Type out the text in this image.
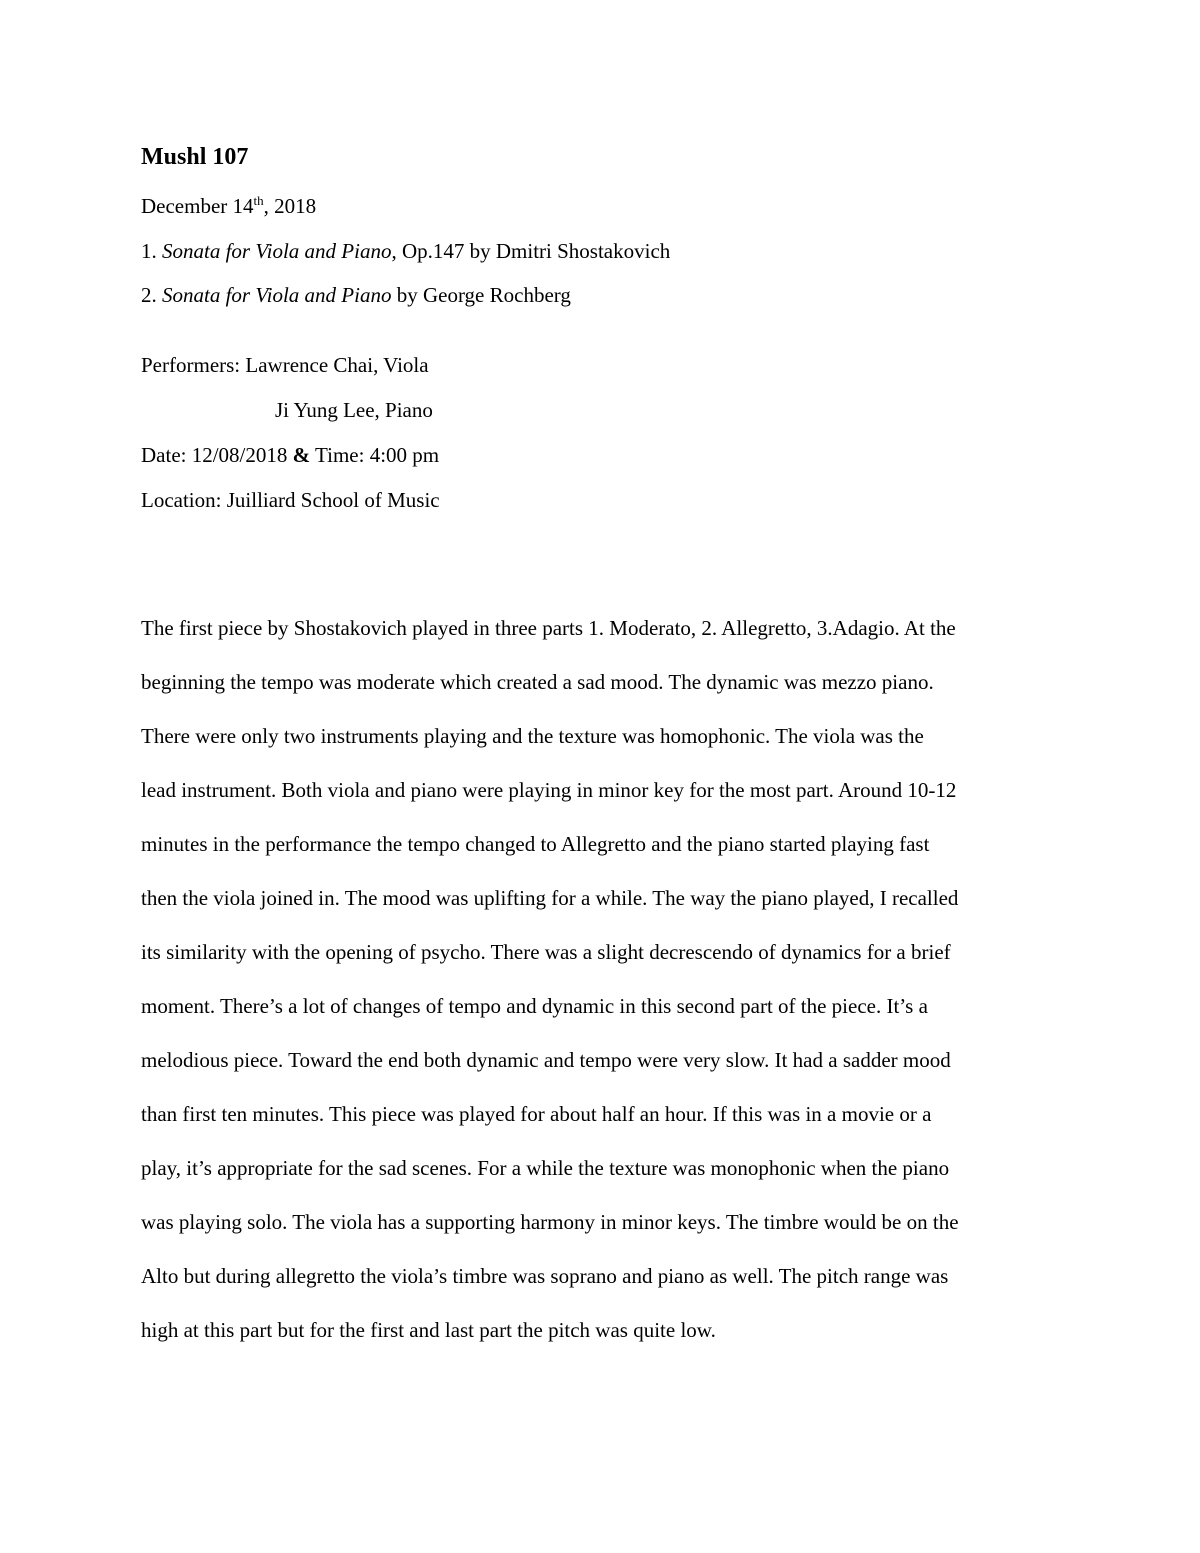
Mushl 107
December 14th, 2018
1. Sonata for Viola and Piano, Op.147 by Dmitri Shostakovich
2. Sonata for Viola and Piano by George Rochberg
Performers: Lawrence Chai, Viola
Ji Yung Lee, Piano
Date: 12/08/2018 & Time: 4:00 pm
Location: Juilliard School of Music
The first piece by Shostakovich played in three parts 1. Moderato, 2. Allegretto, 3.Adagio. At the
beginning the tempo was moderate which created a sad mood. The dynamic was mezzo piano.
There were only two instruments playing and the texture was homophonic. The viola was the
lead instrument. Both viola and piano were playing in minor key for the most part. Around 10-12
minutes in the performance the tempo changed to Allegretto and the piano started playing fast
then the viola joined in. The mood was uplifting for a while. The way the piano played, I recalled
its similarity with the opening of psycho. There was a slight decrescendo of dynamics for a brief
moment. There’s a lot of changes of tempo and dynamic in this second part of the piece. It’s a
melodious piece. Toward the end both dynamic and tempo were very slow. It had a sadder mood
than first ten minutes. This piece was played for about half an hour. If this was in a movie or a
play, it’s appropriate for the sad scenes. For a while the texture was monophonic when the piano
was playing solo. The viola has a supporting harmony in minor keys. The timbre would be on the
Alto but during allegretto the viola’s timbre was soprano and piano as well. The pitch range was
high at this part but for the first and last part the pitch was quite low.
